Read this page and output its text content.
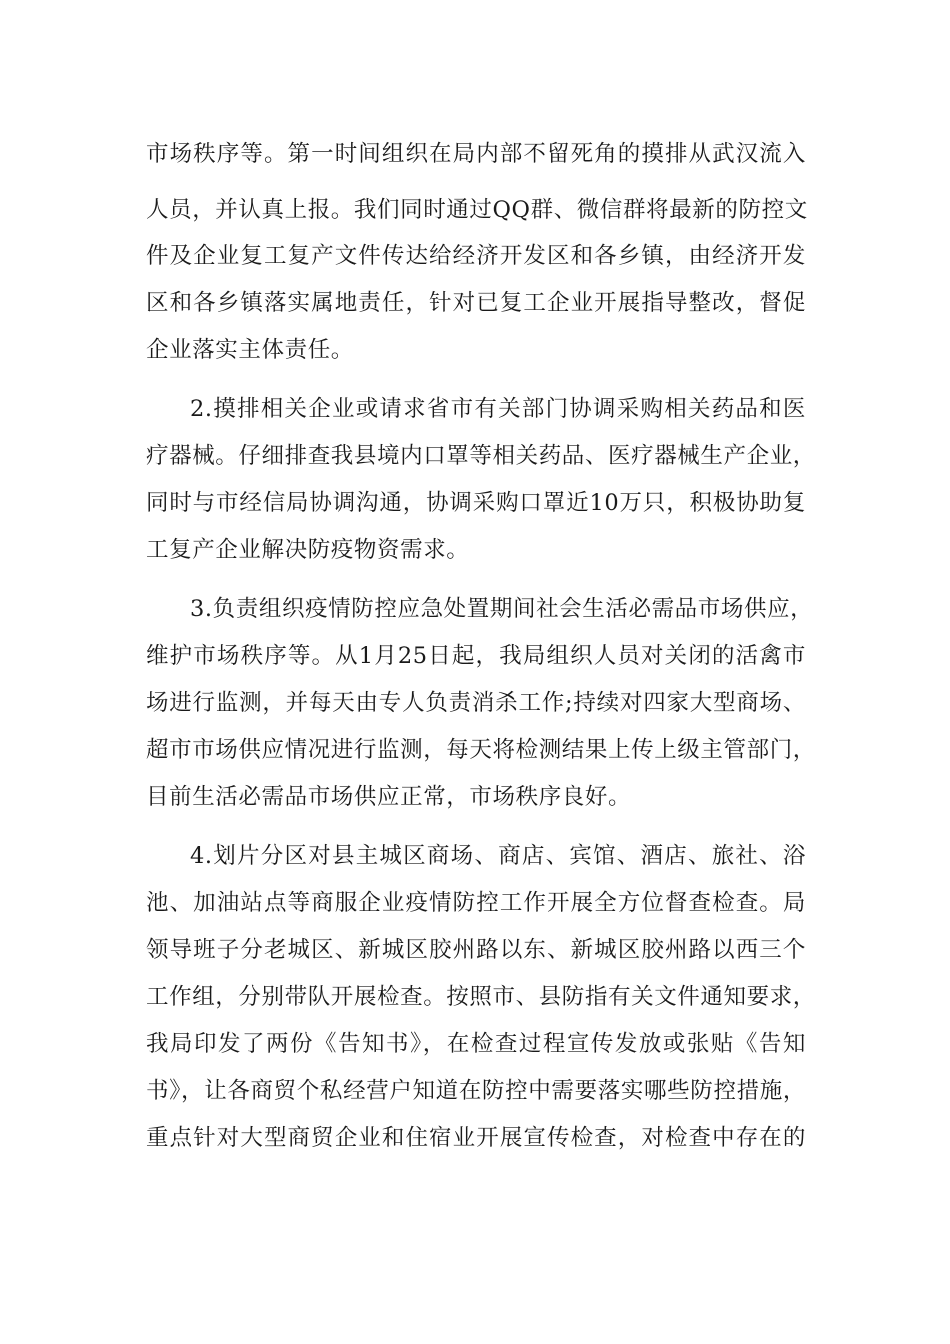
市场秩序等。第一时间组织在局内部不留死角的摸排从武汉流入
人员，并认真上报。我们同时通过QQ群、微信群将最新的防控文
件及企业复工复产文件传达给经济开发区和各乡镇，由经济开发
区和各乡镇落实属地责任，针对已复工企业开展指导整改，督促
企业落实主体责任。
2.摸排相关企业或请求省市有关部门协调采购相关药品和医
疗器械。仔细排查我县境内口罩等相关药品、医疗器械生产企业，
同时与市经信局协调沟通，协调采购口罩近10万只，积极协助复
工复产企业解决防疫物资需求。
3.负责组织疫情防控应急处置期间社会生活必需品市场供应，
维护市场秩序等。从1月25日起，我局组织人员对关闭的活禽市
场进行监测，并每天由专人负责消杀工作;持续对四家大型商场、
超市市场供应情况进行监测，每天将检测结果上传上级主管部门，
目前生活必需品市场供应正常，市场秩序良好。
4.划片分区对县主城区商场、商店、宾馆、酒店、旅社、浴
池、加油站点等商服企业疫情防控工作开展全方位督查检查。局
领导班子分老城区、新城区胶州路以东、新城区胶州路以西三个
工作组，分别带队开展检查。按照市、县防指有关文件通知要求，
我局印发了两份《告知书》，在检查过程宣传发放或张贴《告知
书》，让各商贸个私经营户知道在防控中需要落实哪些防控措施，
重点针对大型商贸企业和住宿业开展宣传检查，对检查中存在的
